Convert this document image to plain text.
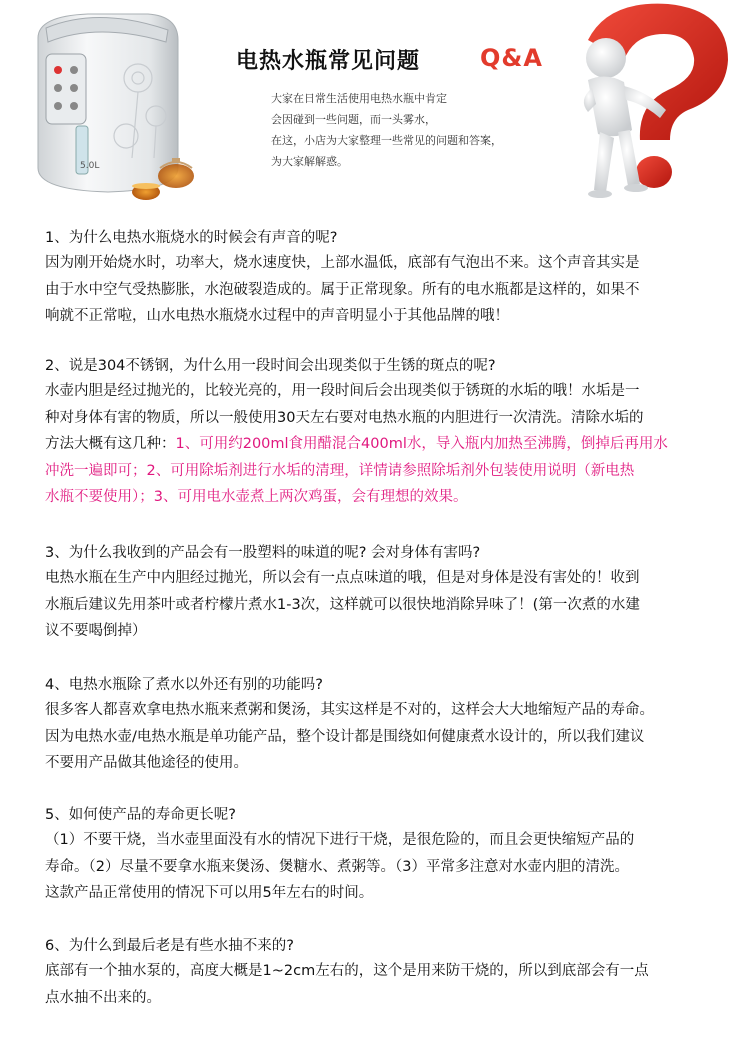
5.0L
电热水瓶常见问题 Q&A
大家在日常生活使用电热水瓶中肯定
会因碰到一些问题，而一头雾水，
在这，小店为大家整理一些常见的问题和答案，
为大家解解惑。
1、为什么电热水瓶烧水的时候会有声音的呢?
因为刚开始烧水时，功率大，烧水速度快，上部水温低，底部有气泡出不来。这个声音其实是
由于水中空气受热膨胀，水泡破裂造成的。属于正常现象。所有的电水瓶都是这样的，如果不
响就不正常啦，山水电热水瓶烧水过程中的声音明显小于其他品牌的哦！
2、说是304不锈钢，为什么用一段时间会出现类似于生锈的斑点的呢?
水壶内胆是经过抛光的，比较光亮的，用一段时间后会出现类似于锈斑的水垢的哦！水垢是一
种对身体有害的物质，所以一般使用30天左右要对电热水瓶的内胆进行一次清洗。清除水垢的
方法大概有这几种：1、可用约200ml食用醋混合400ml水，导入瓶内加热至沸腾，倒掉后再用水
冲洗一遍即可；2、可用除垢剂进行水垢的清理，详情请参照除垢剂外包装使用说明（新电热
水瓶不要使用）；3、可用电水壶煮上两次鸡蛋，会有理想的效果。
3、为什么我收到的产品会有一股塑料的味道的呢? 会对身体有害吗?
电热水瓶在生产中内胆经过抛光，所以会有一点点味道的哦，但是对身体是没有害处的！收到
水瓶后建议先用茶叶或者柠檬片煮水1-3次，这样就可以很快地消除异味了！(第一次煮的水建
议不要喝倒掉）
4、电热水瓶除了煮水以外还有别的功能吗?
很多客人都喜欢拿电热水瓶来煮粥和煲汤，其实这样是不对的，这样会大大地缩短产品的寿命。
因为电热水壶/电热水瓶是单功能产品，整个设计都是围绕如何健康煮水设计的，所以我们建议
不要用产品做其他途径的使用。
5、如何使产品的寿命更长呢?
（1）不要干烧，当水壶里面没有水的情况下进行干烧，是很危险的，而且会更快缩短产品的
寿命。（2）尽量不要拿水瓶来煲汤、煲糖水、煮粥等。（3）平常多注意对水壶内胆的清洗。
这款产品正常使用的情况下可以用5年左右的时间。
6、为什么到最后老是有些水抽不来的?
底部有一个抽水泵的，高度大概是1~2cm左右的，这个是用来防干烧的，所以到底部会有一点
点水抽不出来的。
